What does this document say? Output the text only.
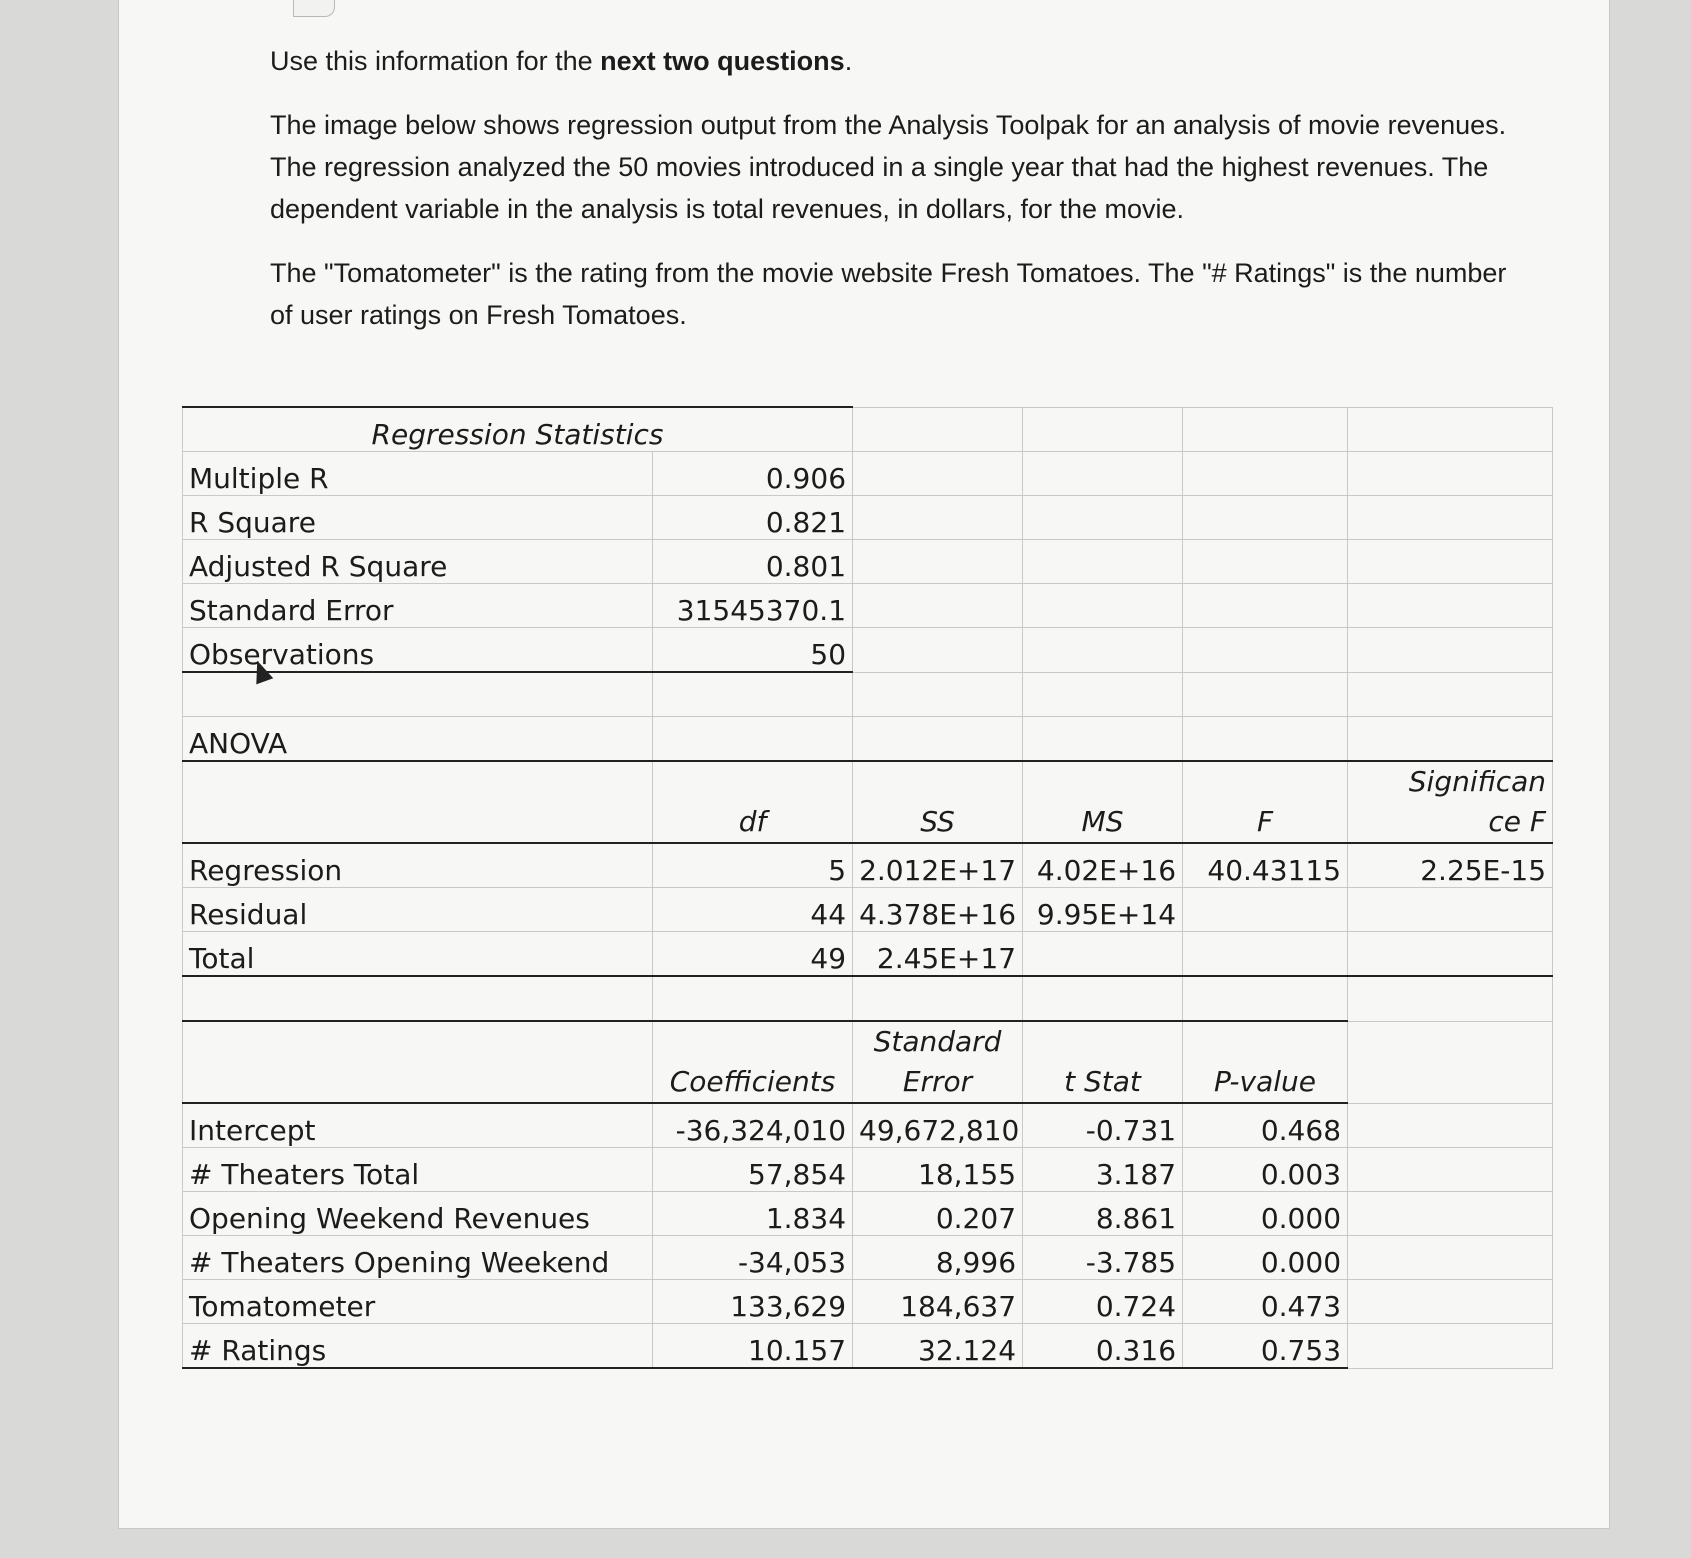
Use this information for the next two questions.

The image below shows regression output from the Analysis Toolpak for an analysis of movie revenues. The regression analyzed the 50 movies introduced in a single year that had the highest revenues. The dependent variable in the analysis is total revenues, in dollars, for the movie.

The "Tomatometer" is the rating from the movie website Fresh Tomatoes. The "# Ratings" is the number of user ratings on Fresh Tomatoes.

Regression Statistics					
Multiple R	0.906				
R Square	0.821				
Adjusted R Square	0.801				
Standard Error	31545370.1				
Observations	50				

ANOVA					
	df	SS	MS	F	Significan
ce F
Regression	5	2.012E+17	4.02E+16	40.43115	2.25E-15
Residual	44	4.378E+16	9.95E+14		
Total	49	2.45E+17			

	Coefficients	Standard
Error	t Stat	P-value	
Intercept	-36,324,010	49,672,810	-0.731	0.468	
# Theaters Total	57,854	18,155	3.187	0.003	
Opening Weekend Revenues	1.834	0.207	8.861	0.000	
# Theaters Opening Weekend	-34,053	8,996	-3.785	0.000	
Tomatometer	133,629	184,637	0.724	0.473	
# Ratings	10.157	32.124	0.316	0.753	
